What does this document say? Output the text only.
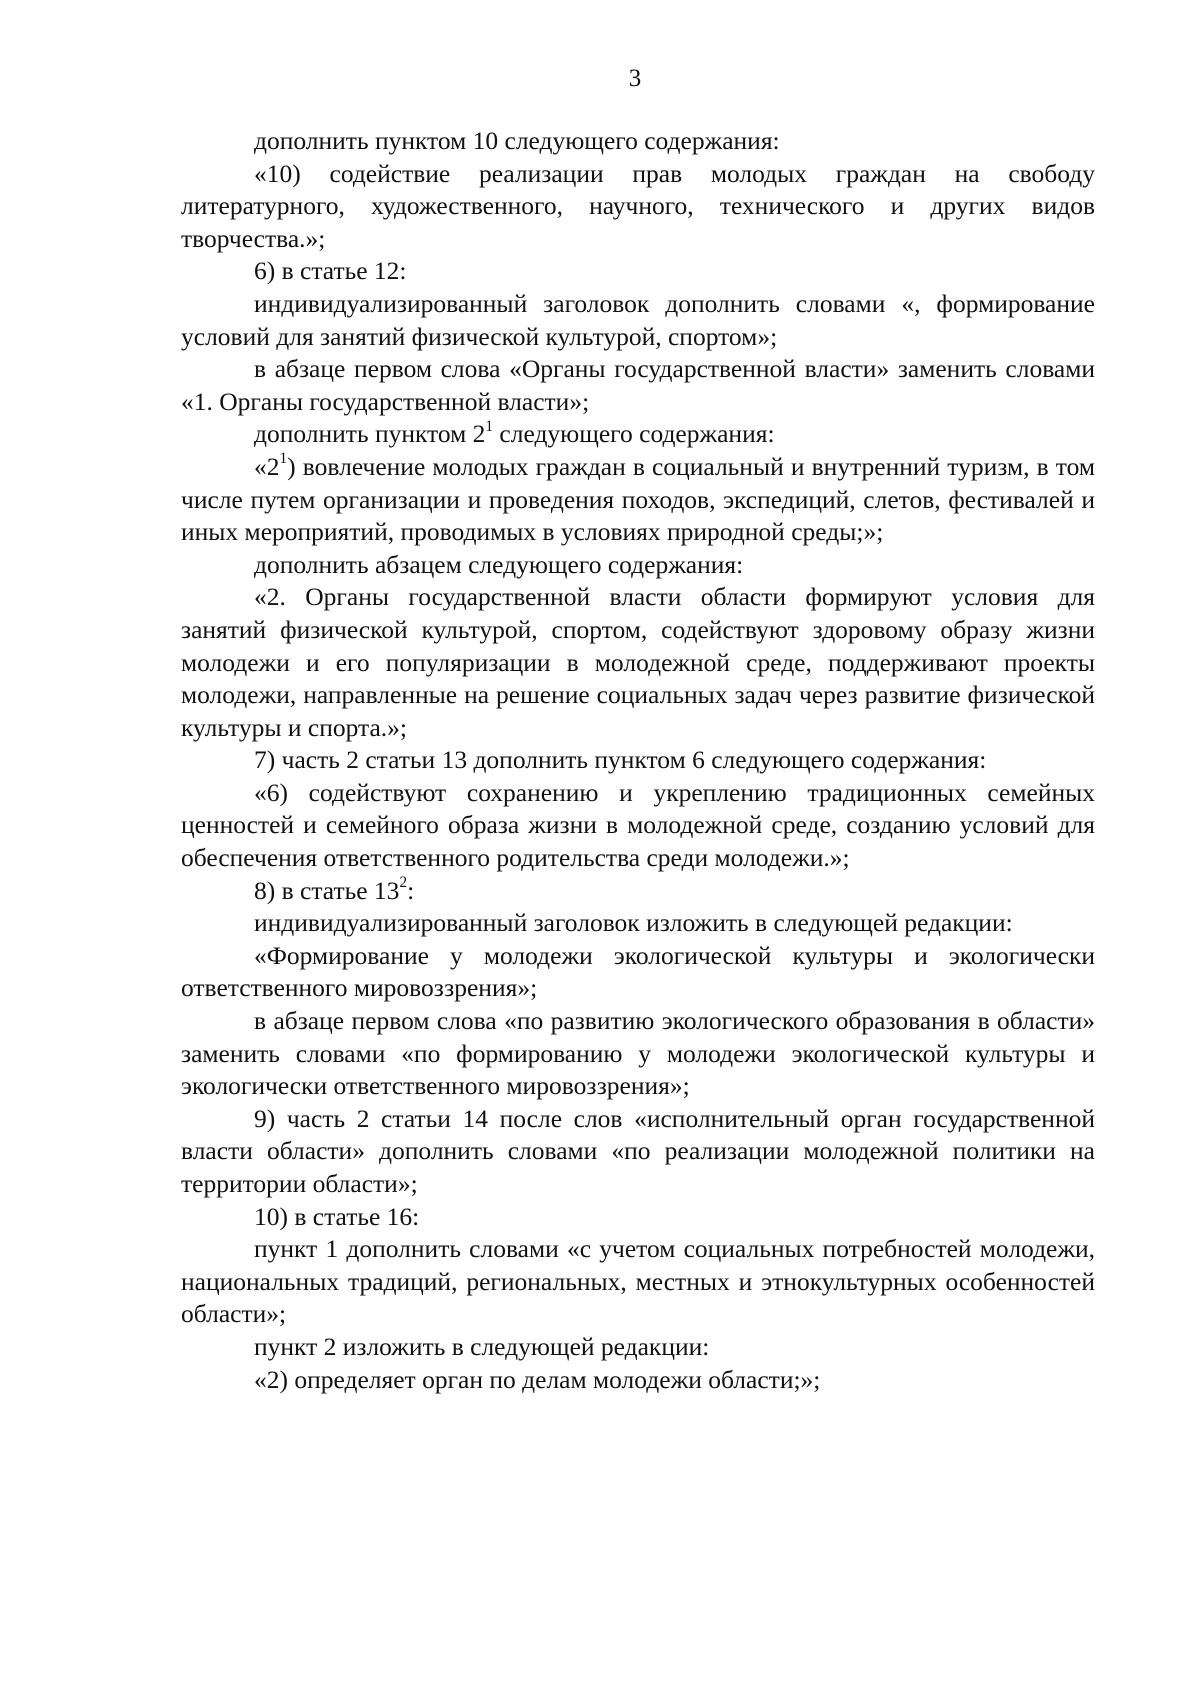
3

дополнить пунктом 10 следующего содержания:

«10) содействие реализации прав молодых граждан на свободу литературного, художественного, научного, технического и других видов творчества.»;

6) в статье 12:

индивидуализированный заголовок дополнить словами «, формирование условий для занятий физической культурой, спортом»;

в абзаце первом слова «Органы государственной власти» заменить словами «1. Органы государственной власти»;

дополнить пунктом $2^1$ следующего содержания:

«$2^1$) вовлечение молодых граждан в социальный и внутренний туризм, в том числе путем организации и проведения походов, экспедиций, слетов, фестивалей и иных мероприятий, проводимых в условиях природной среды;»;

дополнить абзацем следующего содержания:

«2. Органы государственной власти области формируют условия для занятий физической культурой, спортом, содействуют здоровому образу жизни молодежи и его популяризации в молодежной среде, поддерживают проекты молодежи, направленные на решение социальных задач через развитие физической культуры и спорта.»;

7) часть 2 статьи 13 дополнить пунктом 6 следующего содержания:

«6) содействуют сохранению и укреплению традиционных семейных ценностей и семейного образа жизни в молодежной среде, созданию условий для обеспечения ответственного родительства среди молодежи.»;

8) в статье $13^2$:

индивидуализированный заголовок изложить в следующей редакции:

«Формирование у молодежи экологической культуры и экологически ответственного мировоззрения»;

в абзаце первом слова «по развитию экологического образования в области» заменить словами «по формированию у молодежи экологической культуры и экологически ответственного мировоззрения»;

9) часть 2 статьи 14 после слов «исполнительный орган государственной власти области» дополнить словами «по реализации молодежной политики на территории области»;

10) в статье 16:

пункт 1 дополнить словами «с учетом социальных потребностей молодежи, национальных традиций, региональных, местных и этнокультурных особенностей области»;

пункт 2 изложить в следующей редакции:

«2) определяет орган по делам молодежи области;»;
